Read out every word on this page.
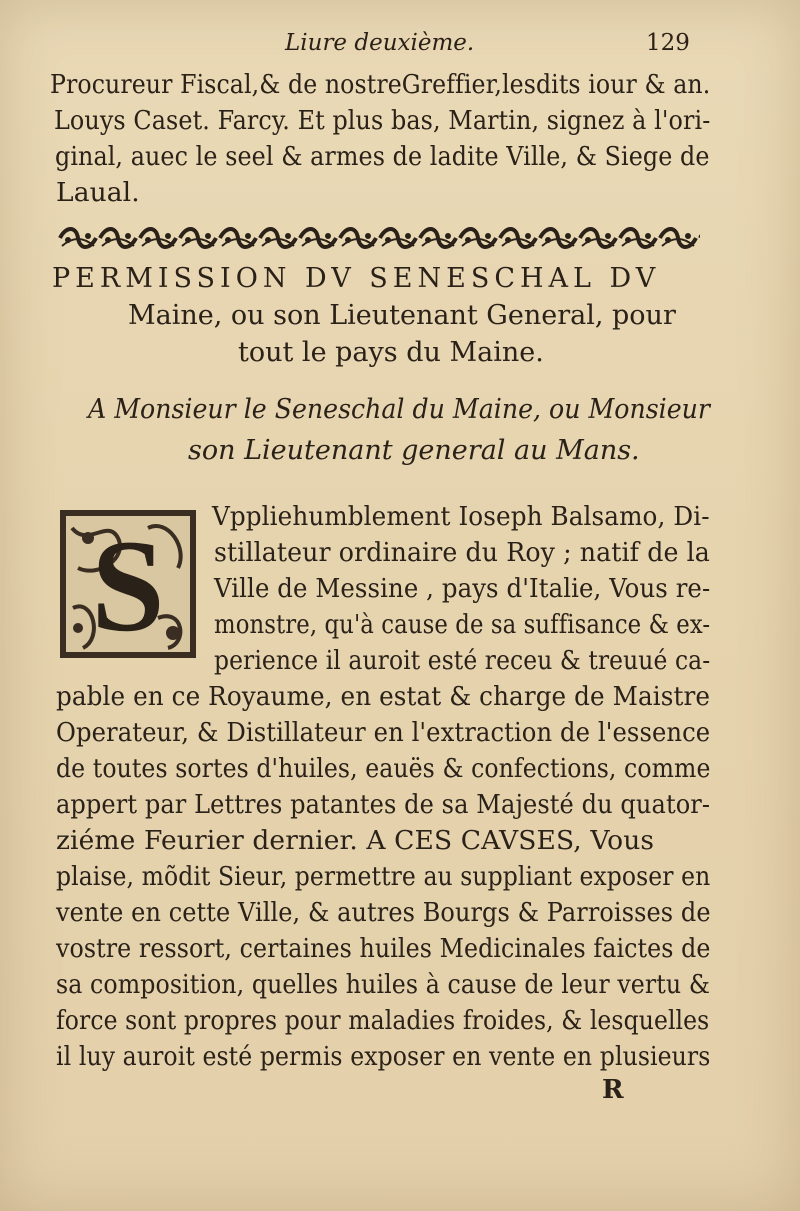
Liure deuxième.	129
Procureur Fiscal,& de nostreGreffier,lesdits iour & an.
Louys Caset. Farcy. Et plus bas, Martin, signez à l'ori-
ginal, auec le seel & armes de ladite Ville, & Siege de
Laual.
PERMISSION DV SENESCHAL DV
Maine, ou son Lieutenant General, pour
tout le pays du Maine.
A Monsieur le Seneschal du Maine, ou Monsieur
son Lieutenant general au Mans.
S Vppliehumblement Ioseph Balsamo, Di-
stillateur ordinaire du Roy ; natif de la
Ville de Messine , pays d'Italie, Vous re-
monstre, qu'à cause de sa suffisance & ex-
perience il auroit esté receu & treuué ca-
pable en ce Royaume, en estat & charge de Maistre
Operateur, & Distillateur en l'extraction de l'essence
de toutes sortes d'huiles, eauës & confections, comme
appert par Lettres patantes de sa Majesté du quator-
ziéme Feurier dernier. A CES CAVSES, Vous
plaise, mõdit Sieur, permettre au suppliant exposer en
vente en cette Ville, & autres Bourgs & Parroisses de
vostre ressort, certaines huiles Medicinales faictes de
sa composition, quelles huiles à cause de leur vertu &
force sont propres pour maladies froides, & lesquelles
il luy auroit esté permis exposer en vente en plusieurs
R
